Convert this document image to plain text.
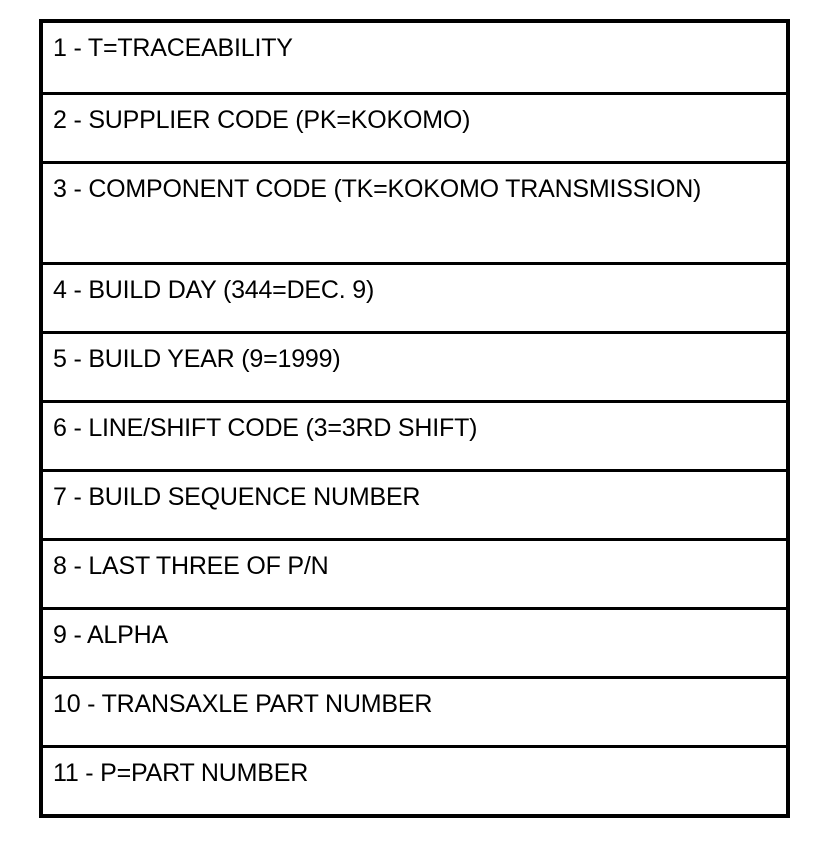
1 - T=TRACEABILITY
2 - SUPPLIER CODE (PK=KOKOMO)
3 - COMPONENT CODE (TK=KOKOMO TRANSMISSION)
4 - BUILD DAY (344=DEC. 9)
5 - BUILD YEAR (9=1999)
6 - LINE/SHIFT CODE (3=3RD SHIFT)
7 - BUILD SEQUENCE NUMBER
8 - LAST THREE OF P/N
9 - ALPHA
10 - TRANSAXLE PART NUMBER
11 - P=PART NUMBER
